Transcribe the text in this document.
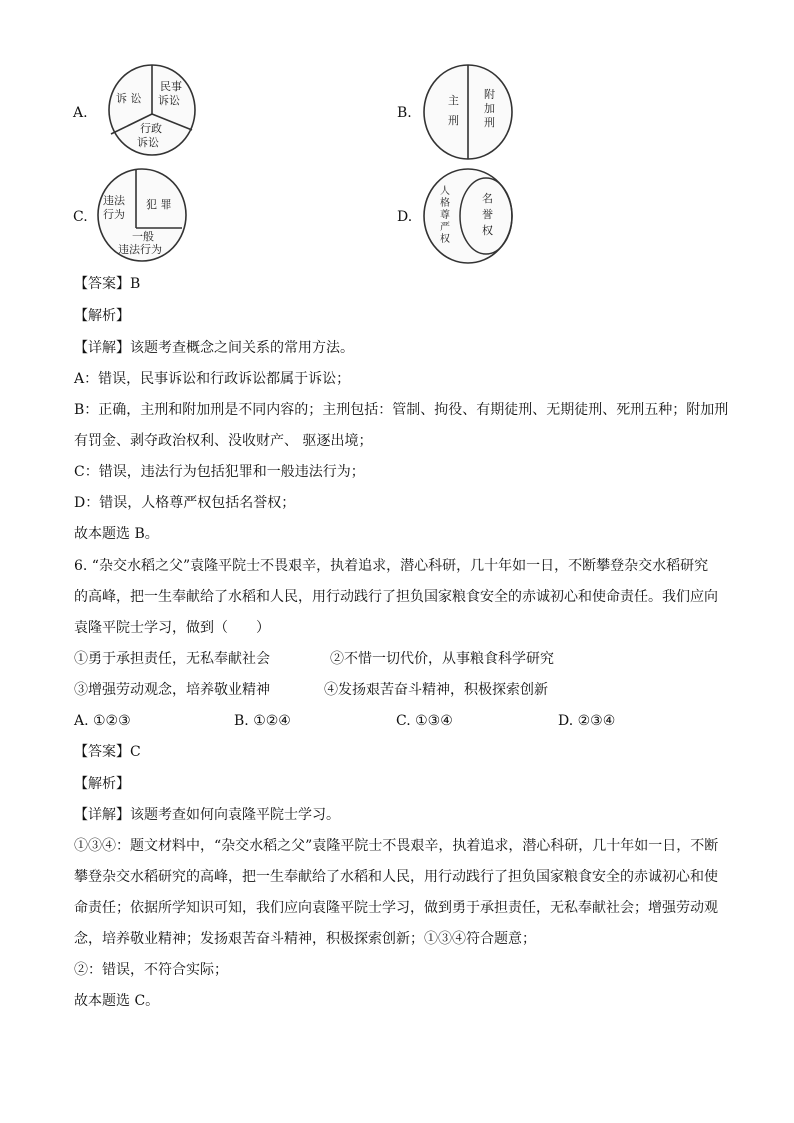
A.
诉 讼
民事
诉讼
行政
诉讼
B.
主
刑
附
加
刑
C.
违法
行为
犯 罪
一般
违法行为
D.
人
格
尊
严
权
名
誉
权
【答案】B
【解析】
【详解】该题考查概念之间关系的常用方法。
A：错误，民事诉讼和行政诉讼都属于诉讼；
B：正确，主刑和附加刑是不同内容的；主刑包括：管制、拘役、有期徒刑、无期徒刑、死刑五种；附加刑
有罚金、剥夺政治权利、没收财产、 驱逐出境；
C：错误，违法行为包括犯罪和一般违法行为；
D：错误，人格尊严权包括名誉权；
故本题选 B。
6. “杂交水稻之父”袁隆平院士不畏艰辛，执着追求，潜心科研，几十年如一日，不断攀登杂交水稻研究
的高峰，把一生奉献给了水稻和人民，用行动践行了担负国家粮食安全的赤诚初心和使命责任。我们应向
袁隆平院士学习，做到（　　）
①勇于承担责任，无私奉献社会	②不惜一切代价，从事粮食科学研究
③增强劳动观念，培养敬业精神	④发扬艰苦奋斗精神，积极探索创新
A. ①②③	B. ①②④	C. ①③④	D. ②③④
【答案】C
【解析】
【详解】该题考查如何向袁隆平院士学习。
①③④：题文材料中，“杂交水稻之父”袁隆平院士不畏艰辛，执着追求，潜心科研，几十年如一日，不断
攀登杂交水稻研究的高峰，把一生奉献给了水稻和人民，用行动践行了担负国家粮食安全的赤诚初心和使
命责任；依据所学知识可知，我们应向袁隆平院士学习，做到勇于承担责任，无私奉献社会；增强劳动观
念，培养敬业精神；发扬艰苦奋斗精神，积极探索创新；①③④符合题意；
②：错误，不符合实际；
故本题选 C。
